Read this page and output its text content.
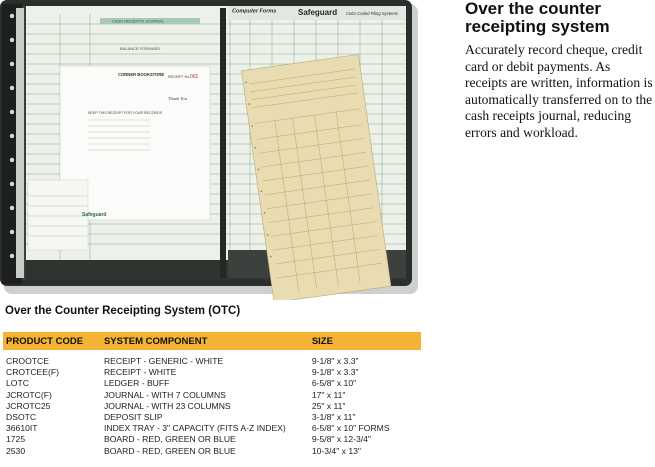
CASH RECEIPTS JOURNAL
BALANCE FORWARD
Computer Forms	Safeguard Color Coded Filing Systems
CORNER BOOKSTORE RECEIPT No. 001
KEEP THIS RECEIPT FOR YOUR RECORDS
Thank You
Safeguard
Over the counter
receipting system
Accurately record cheque, credit card or debit payments. As receipts are written, information is automatically transferred on to the cash receipts journal, reducing errors and workload.
Over the Counter Receipting System (OTC)
PRODUCT CODE	SYSTEM COMPONENT	SIZE

CROOTCE	RECEIPT - GENERIC - WHITE	9-1/8" x 3.3"
CROTCEE(F)	RECEIPT - WHITE	9-1/8" x 3.3"
LOTC	LEDGER - BUFF	6-5/8" x 10"
JCROTC(F)	JOURNAL - WITH 7 COLUMNS	17" x 11"
JCROTC25	JOURNAL - WITH 23 COLUMNS	25" x 11"
DSOTC	DEPOSIT SLIP	3-1/8" x 11"
36610IT	INDEX TRAY - 3" CAPACITY (FITS A-Z INDEX)	6-5/8" x 10" FORMS
1725	BOARD - RED, GREEN OR BLUE	9-5/8" x 12-3/4"
2530	BOARD - RED, GREEN OR BLUE	10-3/4" x 13"
